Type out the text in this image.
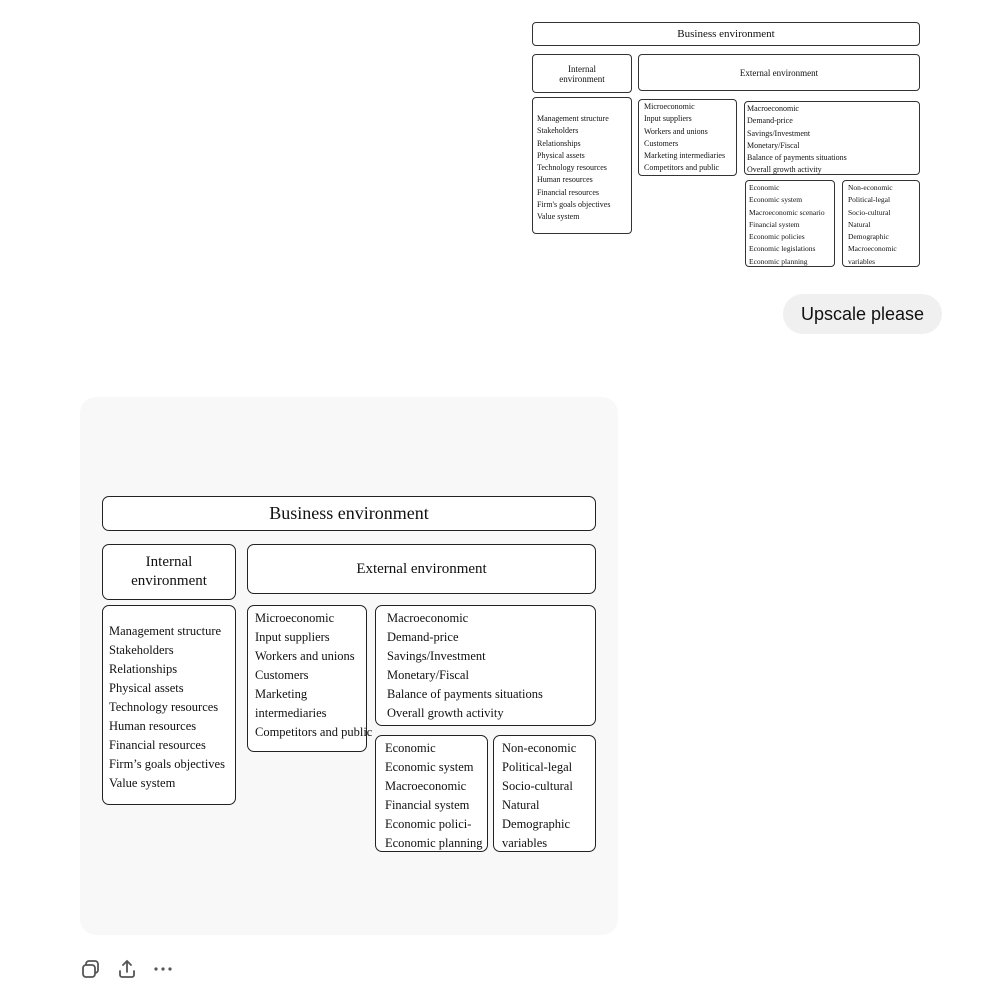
Business environment
Internal environment
External environment
Management structure
Stakeholders
Relationships
Physical assets
Technology resources
Human resources
Financial resources
Firm's goals objectives
Value system
Microeconomic
Input suppliers
Workers and unions
Customers
Marketing intermediaries
Competitors and public
Macroeconomic
Demand-price
Savings/Investment
Monetary/Fiscal
Balance of payments situations
Overall growth activity
Economic
Economic system
Macroeconomic scenario
Financial system
Economic policies
Economic legislations
Economic planning
Non-economic
Political-legal
Socio-cultural
Natural
Demographic
Macroeconomic
variables
Upscale please
Business environment
Internal environment
External environment
Management structure
Stakeholders
Relationships
Physical assets
Technology resources
Human resources
Financial resources
Firm’s goals objectives
Value system
Microeconomic
Input suppliers
Workers and unions
Customers
Marketing
intermediaries
Competitors and public
Macroeconomic
Demand-price
Savings/Investment
Monetary/Fiscal
Balance of payments situations
Overall growth activity
Economic
Economic system
Macroeconomic
Financial system
Economic polici-
Economic planning
Non-economic
Political-legal
Socio-cultural
Natural
Demographic
variables
